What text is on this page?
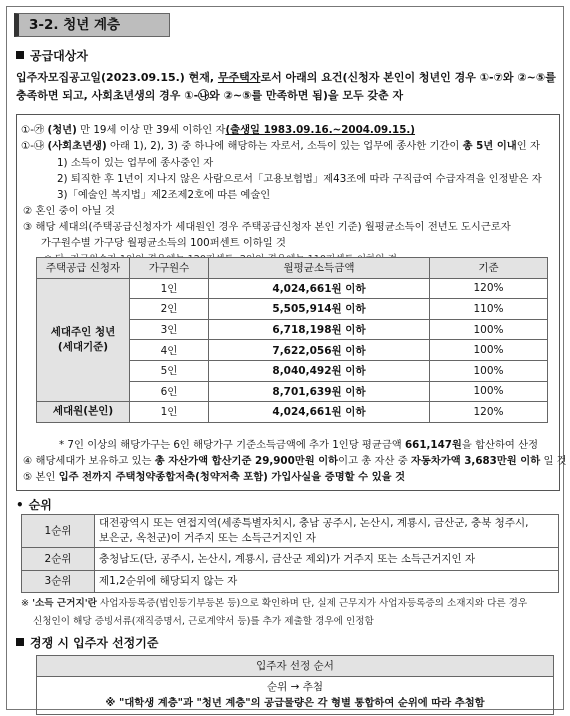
3-2. 청년 계층
공급대상자
입주자모집공고일(2023.09.15.) 현재, 무주택자로서 아래의 요건(신청자 본인이 청년인 경우 ①-⑦와 ②~⑤를
충족하면 되고, 사회초년생의 경우 ①-㉯와 ②~⑤를 만족하면 됨)을 모두 갖춘 자
①-㉮ (청년) 만 19세 이상 만 39세 이하인 자(출생일 1983.09.16.~2004.09.15.)
①-㉯ (사회초년생) 아래 1), 2), 3) 중 하나에 해당하는 자로서, 소득이 있는 업무에 종사한 기간이 총 5년 이내인 자
1) 소득이 있는 업무에 종사중인 자
2) 퇴직한 후 1년이 지나지 않은 사람으로서「고용보험법」제43조에 따라 구직급여 수급자격을 인정받은 자
3)「예술인 복지법」제2조제2호에 따른 예술인
② 혼인 중이 아닐 것
③ 해당 세대의(주택공급신청자가 세대원인 경우 주택공급신청자 본인 기준) 월평균소득이 전년도 도시근로자
가구원수별 가구당 월평균소득의 100퍼센트 이하일 것
* 7인 이상의 해당가구는 6인 해당가구 기준소득금액에 추가 1인당 평균금액 661,147원을 합산하여 산정
④ 해당세대가 보유하고 있는 총 자산가액 합산기준 29,900만원 이하이고 총 자산 중 자동차가액 3,683만원 이하 일 것
⑤ 본인 입주 전까지 주택청약종합저축(청약저축 포함) 가입사실을 증명할 수 있을 것
주택공급 신청자	가구원수	월평균소득금액	기준
세대주인 청년
(세대기준)	1인	4,024,661원 이하	120%
	2인	5,505,914원 이하	110%
	3인	6,718,198원 이하	100%
	4인	7,622,056원 이하	100%
	5인	8,040,492원 이하	100%
	6인	8,701,639원 이하	100%
세대원(본인)	1인	4,024,661원 이하	120%
• 순위
1순위	대전광역시 또는 연접지역(세종특별자치시, 충남 공주시, 논산시, 계룡시, 금산군, 충북 청주시,
보은군, 옥천군)이 거주지 또는 소득근거지인 자

2순위	충청남도(단, 공주시, 논산시, 계룡시, 금산군 제외)가 거주지 또는 소득근거지인 자
3순위	제1,2순위에 해당되지 않는 자
※ '소득 근거지'란 사업자등록증(법인등기부등본 등)으로 확인하며 단, 실제 근무지가 사업자등록증의 소재지와 다른 경우
신청인이 해당 증빙서류(재직증명서, 근로계약서 등)를 추가 제출할 경우에 인정함
경쟁 시 입주자 선정기준
입주자 선정 순서
순위 → 추첨
※ "대학생 계층"과 "청년 계층"의 공급물량은 각 형별 통합하여 순위에 따라 추첨함
